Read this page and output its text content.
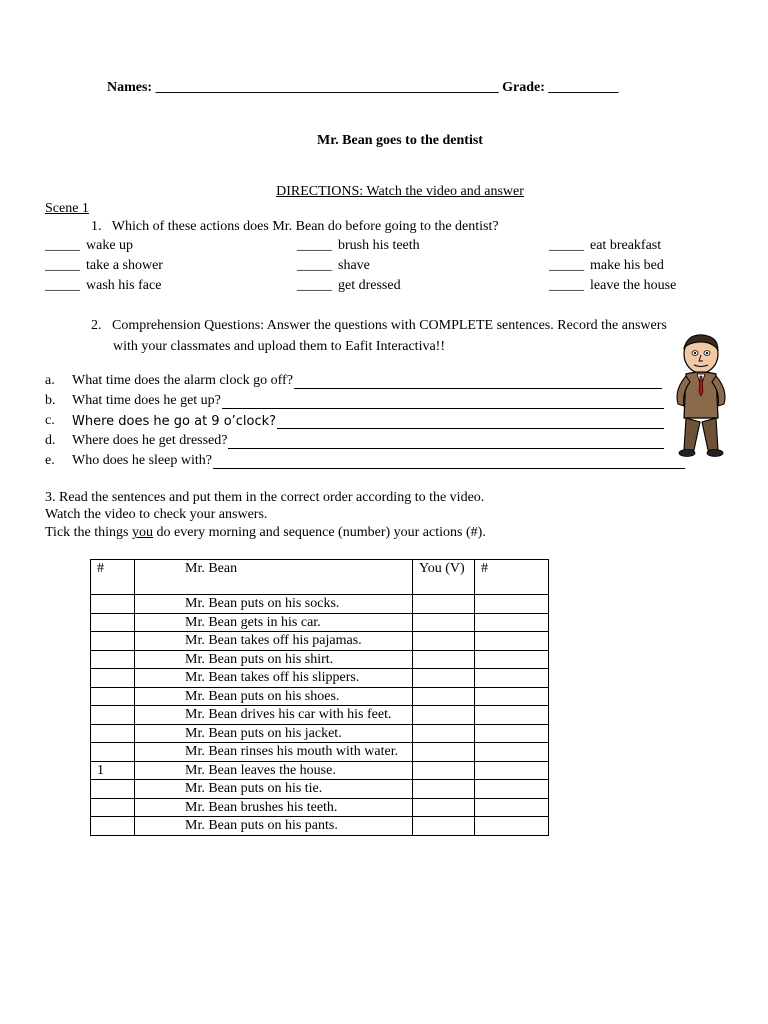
Names: _________________________________________________ Grade: __________
Mr. Bean goes to the dentist
DIRECTIONS: Watch the video and answer
Scene 1
1. Which of these actions does Mr. Bean do before going to the dentist?
_____ wake up	_____ brush his teeth	_____ eat breakfast
_____ take a shower	_____ shave	_____ make his bed
_____ wash his face	_____ get dressed	_____ leave the house
2. Comprehension Questions: Answer the questions with COMPLETE sentences. Record the answers
with your classmates and upload them to Eafit Interactiva!!
a. What time does the alarm clock go off?
b. What time does he get up?
c. Where does he go at 9 o’clock?
d. Where does he get dressed?
e. Who does he sleep with?
3. Read the sentences and put them in the correct order according to the video.
Watch the video to check your answers.
Tick the things you do every morning and sequence (number) your actions (#).
#	Mr. Bean	You (V)	#
	Mr. Bean puts on his socks.		
	Mr. Bean gets in his car.		
	Mr. Bean takes off his pajamas.		
	Mr. Bean puts on his shirt.		
	Mr. Bean takes off his slippers.		
	Mr. Bean puts on his shoes.		
	Mr. Bean drives his car with his feet.		
	Mr. Bean puts on his jacket.		
	Mr. Bean rinses his mouth with water.		
1	Mr. Bean leaves the house.		
	Mr. Bean puts on his tie.		
	Mr. Bean brushes his teeth.		
	Mr. Bean puts on his pants.		
